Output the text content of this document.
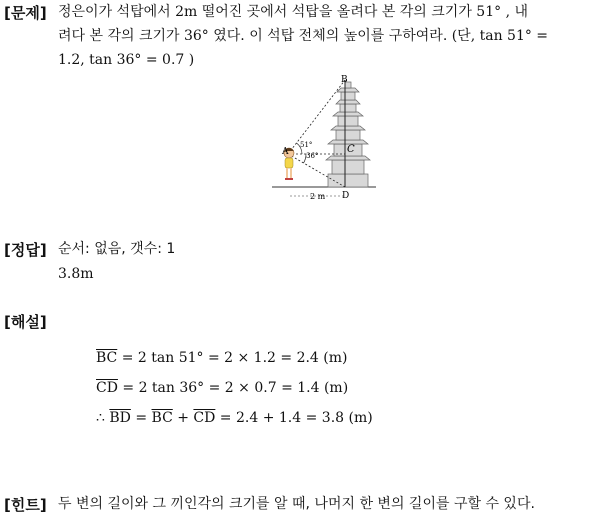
[문제] 정은이가 석탑에서 2m 떨어진 곳에서 석탑을 올려다 본 각의 크기가 51° , 내
려다 본 각의 크기가 36° 였다. 이 석탑 전체의 높이를 구하여라. (단, tan 51° =
1.2, tan 36° = 0.7 )
B
A	C
D
51°
36°
2 m
[정답] 순서: 없음, 갯수: 1
3.8m
[해설]
$\overline{BC} = 2$ tan 51° = 2 × 1.2 = 2.4 (m)
$\overline{CD} = 2$ tan 36° = 2 × 0.7 = 1.4 (m)
∴ $\overline{BD} = \overline{BC} + \overline{CD} = 2.4 + 1.4 = 3.8$ (m)
[힌트] 두 변의 길이와 그 끼인각의 크기를 알 때, 나머지 한 변의 길이를 구할 수 있다.
